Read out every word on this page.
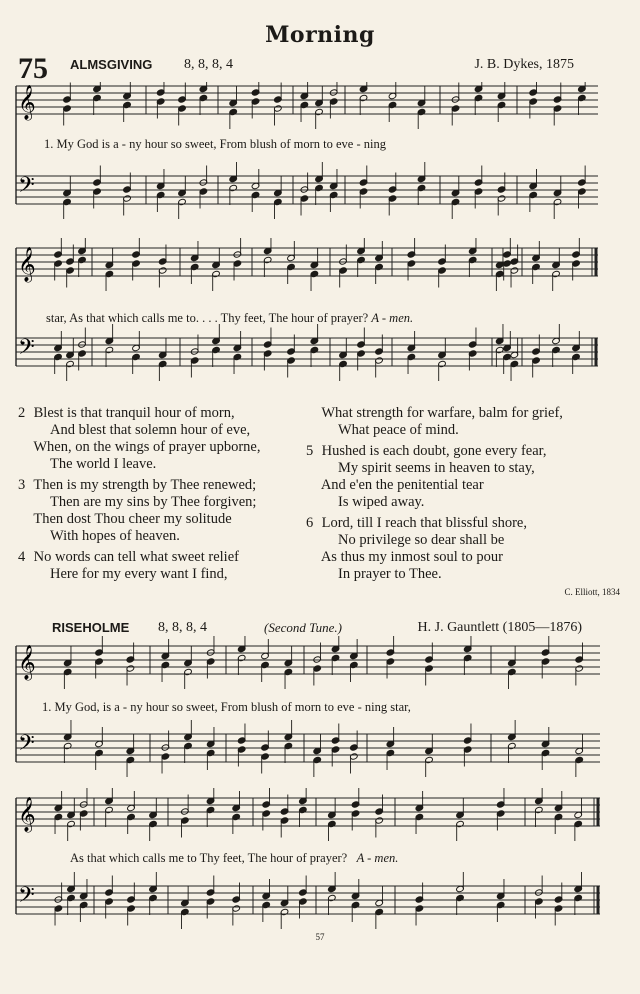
Morning
75 ALMSGIVING 8, 8, 8, 4	J. B. Dykes, 1875
𝄞
𝄢
1. My God is a - ny hour so sweet, From blush of morn to eve - ning
𝄞
𝄢
star, As that which calls me to. . . . Thy feet, The hour of prayer? A - men.
2 Blest is that tranquil hour of morn,
And blest that solemn hour of eve,
When, on the wings of prayer upborne,
The world I leave.
3 Then is my strength by Thee renewed;
Then are my sins by Thee forgiven;
Then dost Thou cheer my solitude
With hopes of heaven.
4 No words can tell what sweet relief
Here for my every want I find,
What strength for warfare, balm for grief,
What peace of mind.
5 Hushed is each doubt, gone every fear,
My spirit seems in heaven to stay,
And e'en the penitential tear
Is wiped away.
6 Lord, till I reach that blissful shore,
No privilege so dear shall be
As thus my inmost soul to pour
In prayer to Thee.
C. Elliott, 1834
RISEHOLME 8, 8, 8, 4	(Second Tune.)	H. J. Gauntlett (1805—1876)
𝄞
𝄢
1. My God, is a - ny hour so sweet, From blush of morn to eve - ning star,
𝄞
𝄢
As that which calls me to Thy feet, The hour of prayer? A - men.
57
